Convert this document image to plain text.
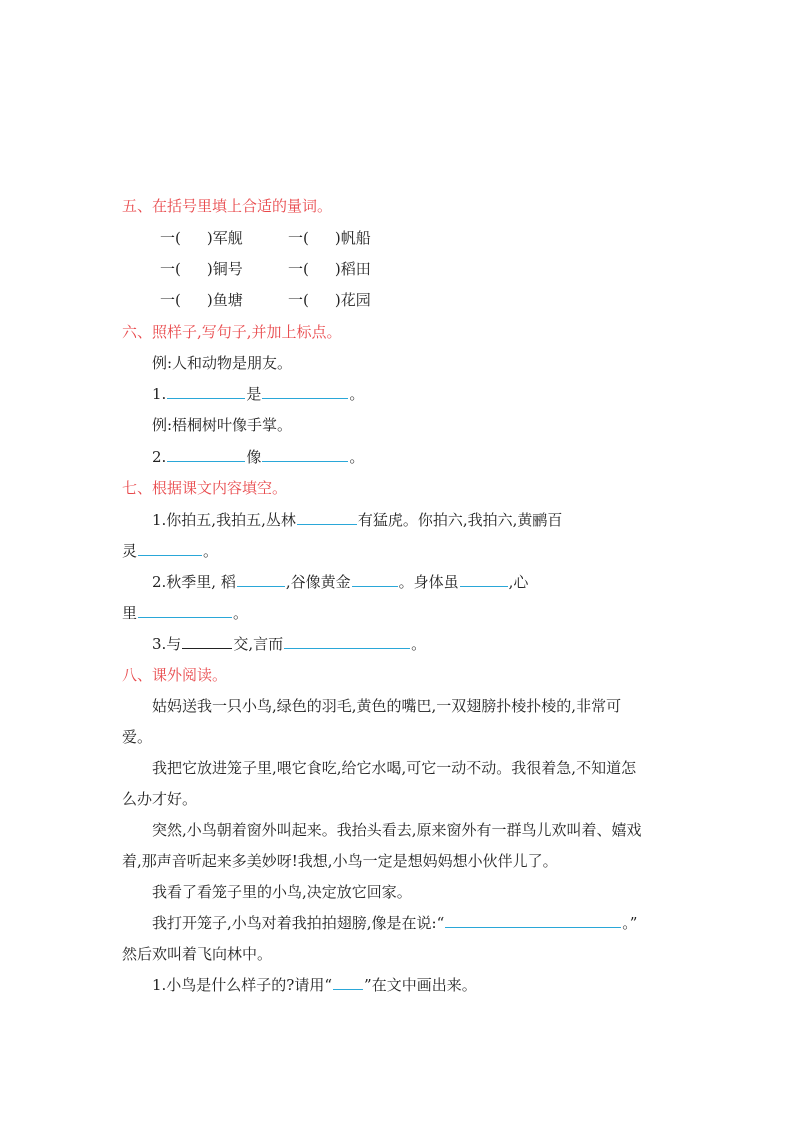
五、在括号里填上合适的量词。
一( )军舰	一( )帆船
一( )铜号	一( )稻田
一( )鱼塘	一( )花园
六、照样子,写句子,并加上标点。
例:人和动物是朋友。
1.	是	。
例:梧桐树叶像手掌。
2.	像	。
七、根据课文内容填空。
1.你拍五,我拍五,丛林	有猛虎。你拍六,我拍六,黄鹂百
灵	。
2.秋季里, 稻	,谷像黄金	。身体虽	,心
里	。
3.与	交,言而	。
八、课外阅读。
姑妈送我一只小鸟,绿色的羽毛,黄色的嘴巴,一双翅膀扑棱扑棱的,非常可
爱。
我把它放进笼子里,喂它食吃,给它水喝,可它一动不动。我很着急,不知道怎
么办才好。
突然,小鸟朝着窗外叫起来。我抬头看去,原来窗外有一群鸟儿欢叫着、嬉戏
着,那声音听起来多美妙呀!我想,小鸟一定是想妈妈想小伙伴儿了。
我看了看笼子里的小鸟,决定放它回家。
我打开笼子,小鸟对着我拍拍翅膀,像是在说:“	。”
然后欢叫着飞向林中。
1.小鸟是什么样子的?请用“ ”在文中画出来。
